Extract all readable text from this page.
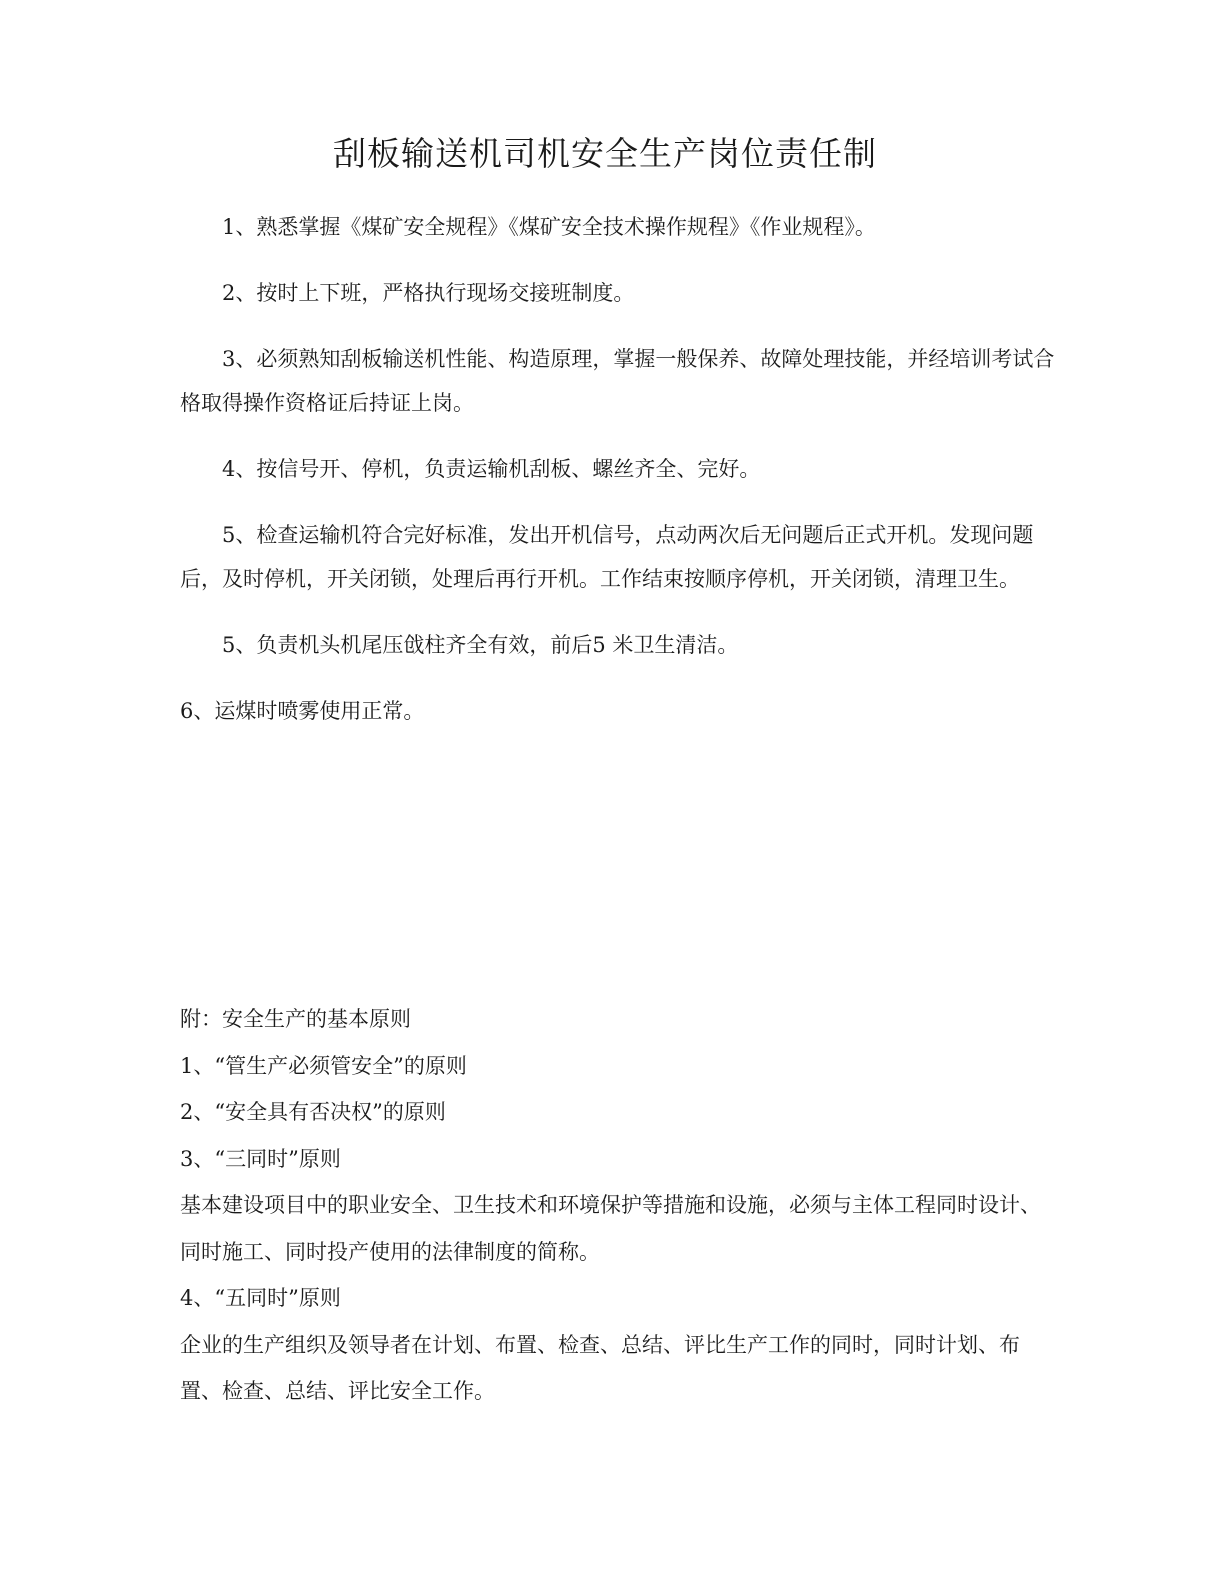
刮板输送机司机安全生产岗位责任制

1、熟悉掌握《煤矿安全规程》《煤矿安全技术操作规程》《作业规程》。

2、按时上下班，严格执行现场交接班制度。

3、必须熟知刮板输送机性能、构造原理，掌握一般保养、故障处理技能，并经培训考试合格取得操作资格证后持证上岗。

4、按信号开、停机，负责运输机刮板、螺丝齐全、完好。

5、检查运输机符合完好标准，发出开机信号，点动两次后无问题后正式开机。发现问题后，及时停机，开关闭锁，处理后再行开机。工作结束按顺序停机，开关闭锁，清理卫生。

5、负责机头机尾压戗柱齐全有效，前后5 米卫生清洁。

6、运煤时喷雾使用正常。

附：安全生产的基本原则

1、“管生产必须管安全”的原则

2、“安全具有否决权”的原则

3、“三同时”原则

基本建设项目中的职业安全、卫生技术和环境保护等措施和设施，必须与主体工程同时设计、同时施工、同时投产使用的法律制度的简称。

4、“五同时”原则

企业的生产组织及领导者在计划、布置、检查、总结、评比生产工作的同时，同时计划、布置、检查、总结、评比安全工作。
